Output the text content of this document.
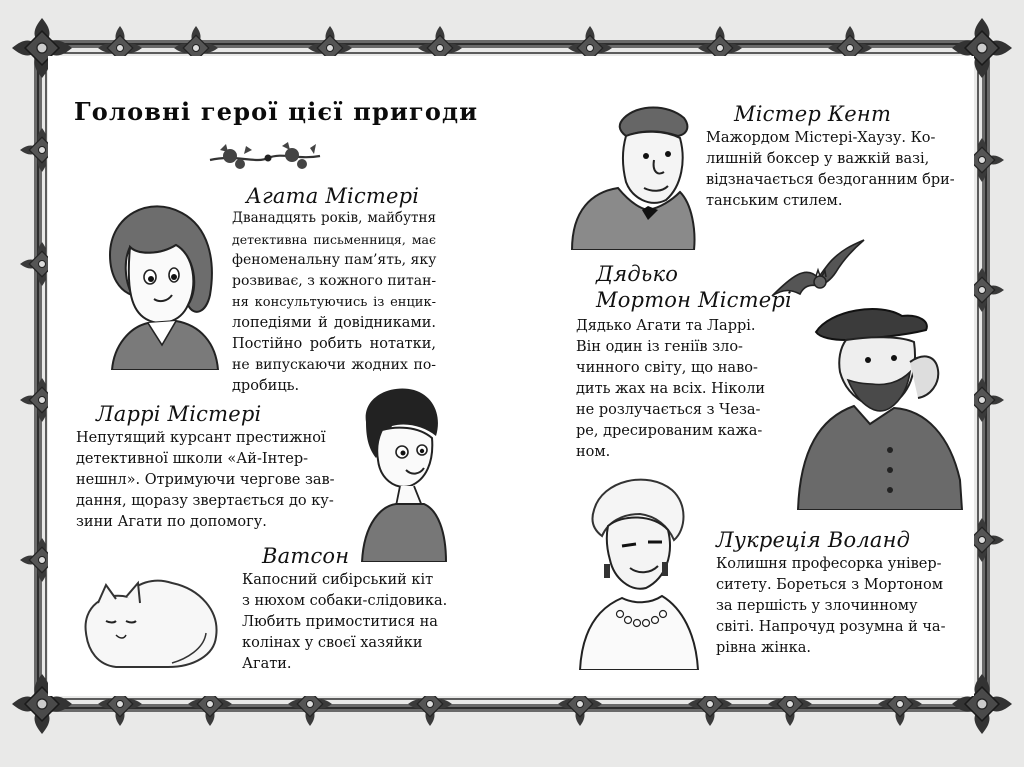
Головні герої цієї пригоди

Агата Містері

Дванадцять років, майбутня
детективна письменниця, має
феноменальну пам’ять, яку
розвиває, з кожного питан-
ня консультуючись із енцик-
лопедіями й довідниками.
Постійно робить нотатки,
не випускаючи жодних по-
дробиць.

Ларрі Містері

Непутящий курсант престижної
детективної школи «Ай-Інтер-
нешнл». Отримуючи чергове зав-
дання, щоразу звертається до ку-
зини Агати по допомогу.

Ватсон

Капосний сибірський кіт
з нюхом собаки-слідовика.
Любить примоститися на
колінах у своєї хазяйки
Агати.

Містер Кент

Мажордом Містері-Хаузу. Ко-
лишній боксер у важкій вазі,
відзначається бездоганним бри-
танським стилем.

Дядько

Мортон Містері

Дядько Агати та Ларрі.
Він один із геніїв зло-
чинного світу, що наво-
дить жах на всіх. Ніколи
не розлучається з Чеза-
ре, дресированим кажа-
ном.

Лукреція Воланд

Колишня професорка універ-
ситету. Бореться з Мортоном
за першість у злочинному
світі. Напрочуд розумна й ча-
рівна жінка.
